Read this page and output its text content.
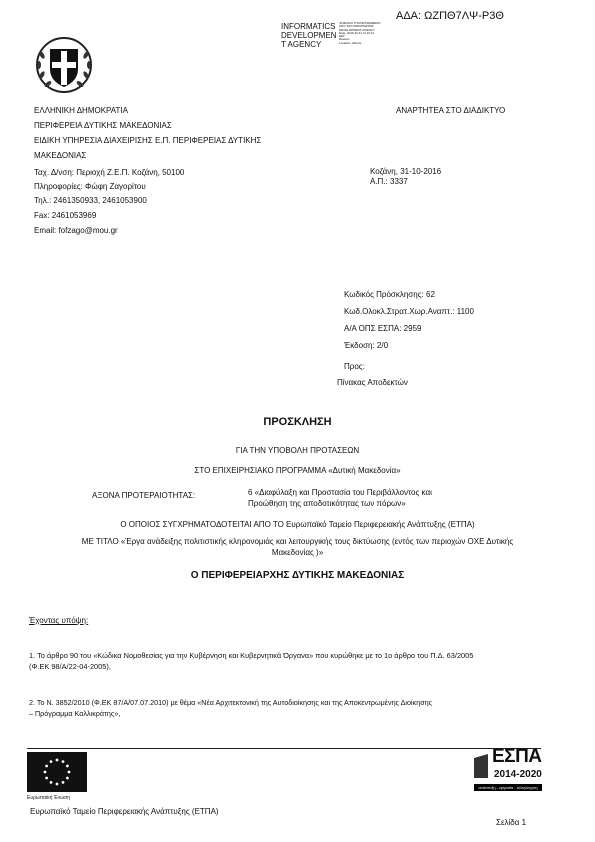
ΑΔΑ: ΩΖΠΘ7ΛΨ-Ρ3Θ
INFORMATICS
DEVELOPMEN
T AGENCY
ΨΗΦΙΑΚΑ ΥΠΟΓΕΓΡΑΜΜΕΝΟ
ΑΠΟ ΤΗΝ ΙΝΦΟΡΜΑΤΙΚΣ
DEVELOPMENT AGENCY
Date: 2016.10.31 11:10:11
EET
Reason:
Location: Athens
ΕΛΛΗΝΙΚΗ ΔΗΜΟΚΡΑΤΙΑ
ΠΕΡΙΦΕΡΕΙΑ ΔΥΤΙΚΗΣ ΜΑΚΕΔΟΝΙΑΣ
ΕΙΔΙΚΗ ΥΠΗΡΕΣΙΑ ΔΙΑΧΕΙΡΙΣΗΣ Ε.Π. ΠΕΡΙΦΕΡΕΙΑΣ ΔΥΤΙΚΗΣ
ΜΑΚΕΔΟΝΙΑΣ
Ταχ. Δ/νση: Περιοχή Ζ.Ε.Π. Κοζάνη, 50100
Πληροφορίες: Φώφη Ζαγορίτου
Τηλ.: 2461350933, 2461053900
Fax: 2461053969
Email: fofzago@mou.gr
ΑΝΑΡΤΗΤΕΑ ΣΤΟ ΔΙΑΔΙΚΤΥΟ
Κοζάνη, 31-10-2016
Α.Π.: 3337
Κωδικός Πρόσκλησης: 62
Κωδ.Ολοκλ.Στρατ.Χωρ.Αναπτ.: 1100
Α/Α ΟΠΣ ΕΣΠΑ: 2959
Έκδοση: 2/0
Προς:
Πίνακας Αποδεκτών
ΠΡΟΣΚΛΗΣΗ
ΓΙΑ ΤΗΝ ΥΠΟΒΟΛΗ ΠΡΟΤΑΣΕΩΝ
ΣΤΟ ΕΠΙΧΕΙΡΗΣΙΑΚΟ ΠΡΟΓΡΑΜΜΑ «Δυτική Μακεδονία»
ΑΞΟΝΑ ΠΡΟΤΕΡΑΙΟΤΗΤΑΣ:	6 «Διαφύλαξη και Προστασία του Περιβάλλοντος και
Προώθηση της αποδοτικότητας των πόρων»
Ο ΟΠΟΙΟΣ ΣΥΓΧΡΗΜΑΤΟΔΟΤΕΙΤΑΙ ΑΠΟ ΤΟ Ευρωπαϊκό Ταμείο Περιφερειακής Ανάπτυξης (ΕΤΠΑ)
ΜΕ ΤΙΤΛΟ «Έργα ανάδειξης πολιτιστικής κληρονομιάς και λειτουργικής τους δικτύωσης (εντός των περιοχών ΟΧΕ Δυτικής
Μακεδονίας )»
Ο ΠΕΡΙΦΕΡΕΙΑΡΧΗΣ ΔΥΤΙΚΗΣ ΜΑΚΕΔΟΝΙΑΣ
Έχοντας υπόψη:
1. Το άρθρο 90 του «Κώδικα Νομοθεσίας για την Κυβέρνηση και Κυβερνητικά Όργανα» που κυρώθηκε με το 1ο άρθρο του Π.Δ. 63/2005
(Φ.ΕΚ 98/Α/22-04-2005),
2. Το Ν. 3852/2010 (Φ.ΕΚ 87/Α/07.07.2010) με θέμα «Νέα Αρχιτεκτονική της Αυτοδιοίκησης και της Αποκεντρωμένης Διοίκησης
– Πρόγραμμα Καλλικράτης»,
Ευρωπαϊκή Ένωση
ΕΣΠΑ
2014-2020
ανάπτυξη - εργασία - αλληλεγγύη
Ευρωπαϊκό Ταμείο Περιφερειακής Ανάπτυξης (ΕΤΠΑ)
Σελίδα 1
